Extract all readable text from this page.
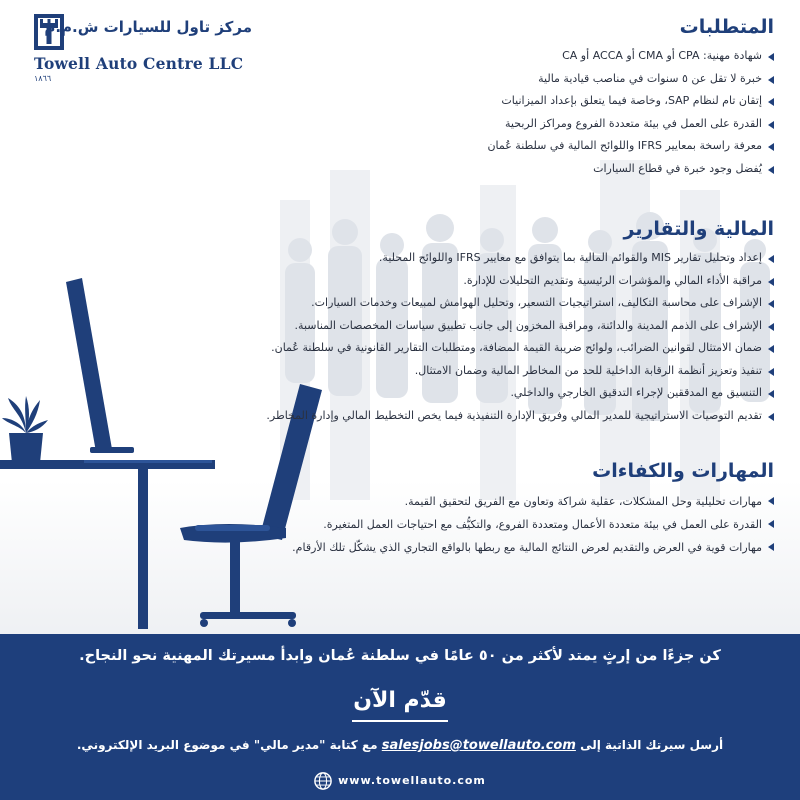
مركز تاول للسيارات ش.م.م
Towell Auto Centre LLC
١٨٦٦
المتطلبات
شهادة مهنية: CPA أو CMA أو ACCA أو CA
خبرة لا تقل عن ٥ سنوات في مناصب قيادية مالية
إتقان تام لنظام SAP، وخاصة فيما يتعلق بإعداد الميزانيات
القدرة على العمل في بيئة متعددة الفروع ومراكز الربحية
معرفة راسخة بمعايير IFRS واللوائح المالية في سلطنة عُمان
يُفضل وجود خبرة في قطاع السيارات
المالية والتقارير
إعداد وتحليل تقارير MIS والقوائم المالية بما يتوافق مع معايير IFRS واللوائح المحلية.
مراقبة الأداء المالي والمؤشرات الرئيسية وتقديم التحليلات للإدارة.
الإشراف على محاسبة التكاليف، استراتيجيات التسعير، وتحليل الهوامش لمبيعات وخدمات السيارات.
الإشراف على الذمم المدينة والدائنة، ومراقبة المخزون إلى جانب تطبيق سياسات المخصصات المناسبة.
ضمان الامتثال لقوانين الضرائب، ولوائح ضريبة القيمة المضافة، ومتطلبات التقارير القانونية في سلطنة عُمان.
تنفيذ وتعزيز أنظمة الرقابة الداخلية للحد من المخاطر المالية وضمان الامتثال.
التنسيق مع المدققين لإجراء التدقيق الخارجي والداخلي.
تقديم التوصيات الاستراتيجية للمدير المالي وفريق الإدارة التنفيذية فيما يخص التخطيط المالي وإدارة المخاطر.
المهارات والكفاءات
مهارات تحليلية وحل المشكلات، عقلية شراكة وتعاون مع الفريق لتحقيق القيمة.
القدرة على العمل في بيئة متعددة الأعمال ومتعددة الفروع، والتكيُّف مع احتياجات العمل المتغيرة.
مهارات قوية في العرض والتقديم لعرض النتائج المالية مع ربطها بالواقع التجاري الذي يشكّل تلك الأرقام.
كن جزءًا من إرثٍ يمتد لأكثر من ٥٠ عامًا في سلطنة عُمان وابدأ مسيرتك المهنية نحو النجاح.
قدّم الآن
أرسل سيرتك الذاتية إلى salesjobs@towellauto.com مع كتابة "مدير مالي" في موضوع البريد الإلكتروني.
www.towellauto.com
